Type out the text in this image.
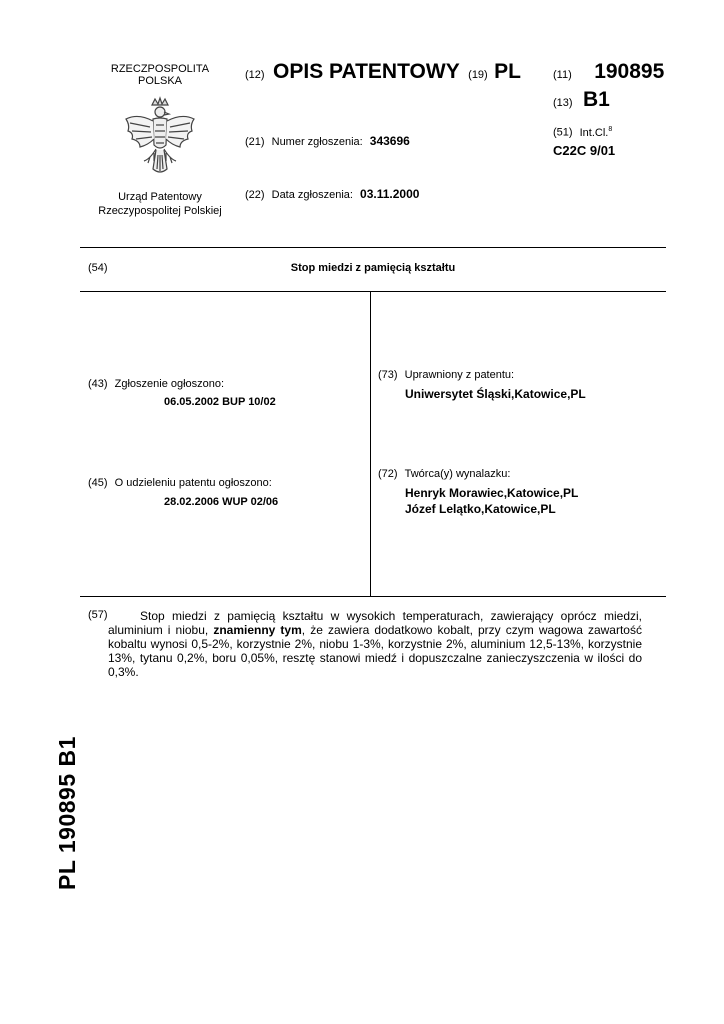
RZECZPOSPOLITA
POLSKA
Urząd Patentowy
Rzeczypospolitej Polskiej
(12) OPIS PATENTOWY (19) PL
(21) Numer zgłoszenia: 343696
(22) Data zgłoszenia: 03.11.2000
(11) 190895
(13) B1
(51) Int.Cl.$^8$
C22C 9/01
(54)	Stop miedzi z pamięcią kształtu
(43) Zgłoszenie ogłoszono:
06.05.2002 BUP 10/02
(45) O udzieleniu patentu ogłoszono:
28.02.2006 WUP 02/06
(73) Uprawniony z patentu:
Uniwersytet Śląski,Katowice,PL
(72) Twórca(y) wynalazku:
Henryk Morawiec,Katowice,PL
Józef Lelątko,Katowice,PL
(57)	Stop miedzi z pamięcią kształtu w wysokich temperaturach, zawierający oprócz miedzi, aluminium i niobu, znamienny tym, że zawiera dodatkowo kobalt, przy czym wagowa zawartość kobaltu wynosi 0,5-2%, korzystnie 2%, niobu 1-3%, korzystnie 2%, aluminium 12,5-13%, korzystnie 13%, tytanu 0,2%, boru 0,05%, resztę stanowi miedź i dopuszczalne zanieczyszczenia w ilości do 0,3%.
PL 190895 B1
